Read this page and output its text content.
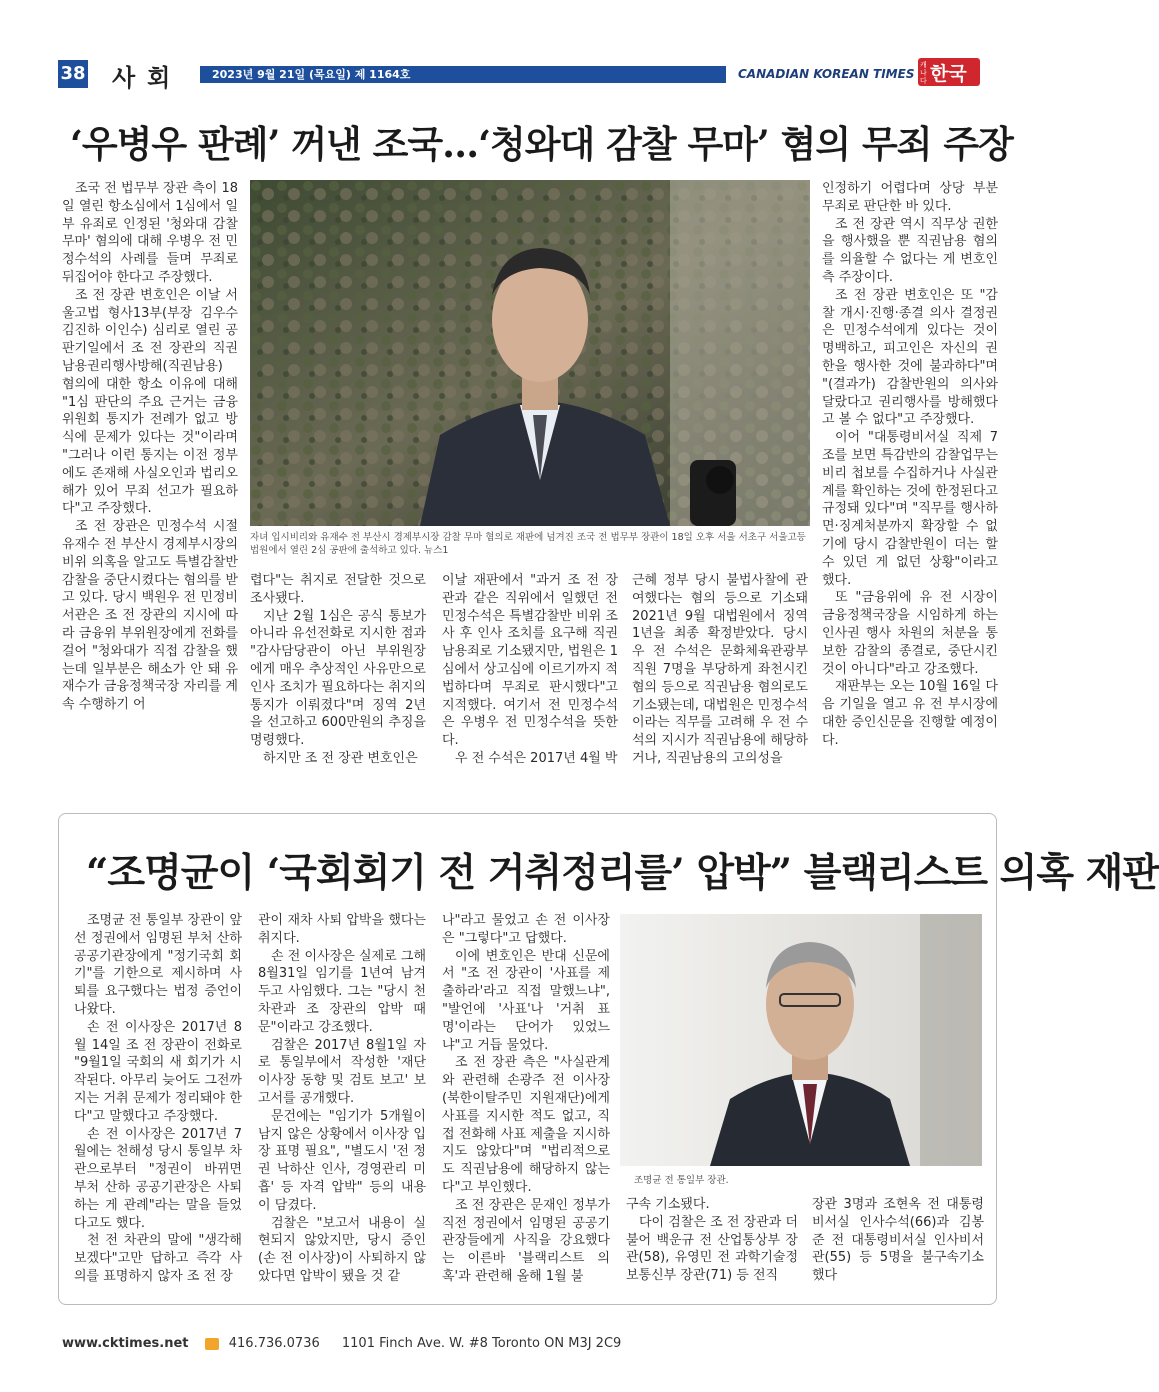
38 사회	2023년 9월 21일 (목요일) 제 1164호	CANADIAN KOREAN TIMES
캐나다 한국인
‘우병우 판례’ 꺼낸 조국…‘청와대 감찰 무마’ 혐의 무죄 주장
자녀 입시비리와 유재수 전 부산시 경제부시장 감찰 무마 혐의로 재판에 넘겨진 조국 전 법무부 장관이 18일 오후 서울 서초구 서울고등법원에서 열린 2심 공판에 출석하고 있다. 뉴스1

조국 전 법무부 장관 측이 18일 열린 항소심에서 1심에서 일부 유죄로 인정된 '청와대 감찰 무마' 혐의에 대해 우병우 전 민정수석의 사례를 들며 무죄로 뒤집어야 한다고 주장했다.

조 전 장관 변호인은 이날 서울고법 형사13부(부장 김우수 김진하 이인수) 심리로 열린 공판기일에서 조 전 장관의 직권남용권리행사방해(직권남용) 혐의에 대한 항소 이유에 대해 "1심 판단의 주요 근거는 금융위원회 통지가 전례가 없고 방식에 문제가 있다는 것"이라며 "그러나 이런 통지는 이전 정부에도 존재해 사실오인과 법리오해가 있어 무죄 선고가 필요하다"고 주장했다.

조 전 장관은 민정수석 시절 유재수 전 부산시 경제부시장의 비위 의혹을 알고도 특별감찰반 감찰을 중단시켰다는 혐의를 받고 있다. 당시 백원우 전 민정비서관은 조 전 장관의 지시에 따라 금융위 부위원장에게 전화를 걸어 "청와대가 직접 감찰을 했는데 일부분은 해소가 안 돼 유재수가 금융정책국장 자리를 계속 수행하기 어

렵다"는 취지로 전달한 것으로 조사됐다.

지난 2월 1심은 공식 통보가 아니라 유선전화로 지시한 점과 "감사담당관이 아닌 부위원장에게 매우 추상적인 사유만으로 인사 조치가 필요하다는 취지의 통지가 이뤄졌다"며 징역 2년을 선고하고 600만원의 추징을 명령했다.

하지만 조 전 장관 변호인은

이날 재판에서 "과거 조 전 장관과 같은 직위에서 일했던 전 민정수석은 특별감찰반 비위 조사 후 인사 조치를 요구해 직권남용죄로 기소됐지만, 법원은 1심에서 상고심에 이르기까지 적법하다며 무죄로 판시했다"고 지적했다. 여기서 전 민정수석은 우병우 전 민정수석을 뜻한다.

우 전 수석은 2017년 4월 박

근혜 정부 당시 불법사찰에 관여했다는 혐의 등으로 기소돼 2021년 9월 대법원에서 징역 1년을 최종 확정받았다. 당시 우 전 수석은 문화체육관광부 직원 7명을 부당하게 좌천시킨 혐의 등으로 직권남용 혐의로도 기소됐는데, 대법원은 민정수석이라는 직무를 고려해 우 전 수석의 지시가 직권남용에 해당하거나, 직권남용의 고의성을

인정하기 어렵다며 상당 부분 무죄로 판단한 바 있다.

조 전 장관 역시 직무상 권한을 행사했을 뿐 직권남용 혐의를 의율할 수 없다는 게 변호인 측 주장이다.

조 전 장관 변호인은 또 "감찰 개시·진행·종결 의사 결정권은 민정수석에게 있다는 것이 명백하고, 피고인은 자신의 권한을 행사한 것에 불과하다"며 "(결과가) 감찰반원의 의사와 달랐다고 권리행사를 방해했다고 볼 수 없다"고 주장했다.

이어 "대통령비서실 직제 7조를 보면 특감반의 감찰업무는 비리 첩보를 수집하거나 사실관계를 확인하는 것에 한정된다고 규정돼 있다"며 "직무를 행사하면·징계처분까지 확장할 수 없기에 당시 감찰반원이 더는 할 수 있던 게 없던 상황"이라고 했다.

또 "금융위에 유 전 시장이 금융정책국장을 시임하게 하는 인사권 행사 차원의 처분을 통보한 감찰의 종결로, 중단시킨 것이 아니다"라고 강조했다.

재판부는 오는 10월 16일 다음 기일을 열고 유 전 부시장에 대한 증인신문을 진행할 예정이다.

“조명균이 ‘국회회기 전 거취정리를’ 압박” 블랙리스트 의혹 재판
조명균 전 통일부 장관.

조명균 전 통일부 장관이 앞선 정권에서 임명된 부처 산하 공공기관장에게 "정기국회 회기"를 기한으로 제시하며 사퇴를 요구했다는 법정 증언이 나왔다.

손 전 이사장은 2017년 8월 14일 조 전 장관이 전화로 "9월1일 국회의 새 회기가 시작된다. 아무리 늦어도 그전까지는 거취 문제가 정리돼야 한다"고 말했다고 주장했다.

손 전 이사장은 2017년 7월에는 천해성 당시 통일부 차관으로부터 "정권이 바뀌면 부처 산하 공공기관장은 사퇴하는 게 관례"라는 말을 들었다고도 했다.

천 전 차관의 말에 "생각해 보겠다"고만 답하고 즉각 사의를 표명하지 않자 조 전 장

관이 재차 사퇴 압박을 했다는 취지다.

손 전 이사장은 실제로 그해 8월31일 임기를 1년여 남겨두고 사임했다. 그는 "당시 천 차관과 조 장관의 압박 때문"이라고 강조했다.

검찰은 2017년 8월1일 자로 통일부에서 작성한 '재단 이사장 동향 및 검토 보고' 보고서를 공개했다.

문건에는 "임기가 5개월이 남지 않은 상황에서 이사장 입장 표명 필요", "별도시 '전 정권 낙하산 인사, 경영관리 미흡' 등 자격 압박" 등의 내용이 담겼다.

검찰은 "보고서 내용이 실현되지 않았지만, 당시 증인(손 전 이사장)이 사퇴하지 않았다면 압박이 됐을 것 같

나"라고 물었고 손 전 이사장은 "그렇다"고 답했다.

이에 변호인은 반대 신문에서 "조 전 장관이 '사표를 제출하라'라고 직접 말했느냐", "발언에 '사표'나 '거취 표명'이라는 단어가 있었느냐"고 거듭 물었다.

조 전 장관 측은 "사실관계와 관련해 손광주 전 이사장(북한이탈주민 지원재단)에게 사표를 지시한 적도 없고, 직접 전화해 사표 제출을 지시하지도 않았다"며 "법리적으로도 직권남용에 해당하지 않는다"고 부인했다.

조 전 장관은 문재인 정부가 직전 정권에서 임명된 공공기관장들에게 사직을 강요했다는 이른바 '블랙리스트 의혹'과 관련해 올해 1월 불

구속 기소됐다.

다이 검찰은 조 전 장관과 더불어 백운규 전 산업통상부 장관(58), 유영민 전 과학기술정보통신부 장관(71) 등 전직

장관 3명과 조현옥 전 대통령비서실 인사수석(66)과 김봉준 전 대통령비서실 인사비서관(55) 등 5명을 불구속기소했다

www.cktimes.net	416.736.0736 1101 Finch Ave. W. #8 Toronto ON M3J 2C9
